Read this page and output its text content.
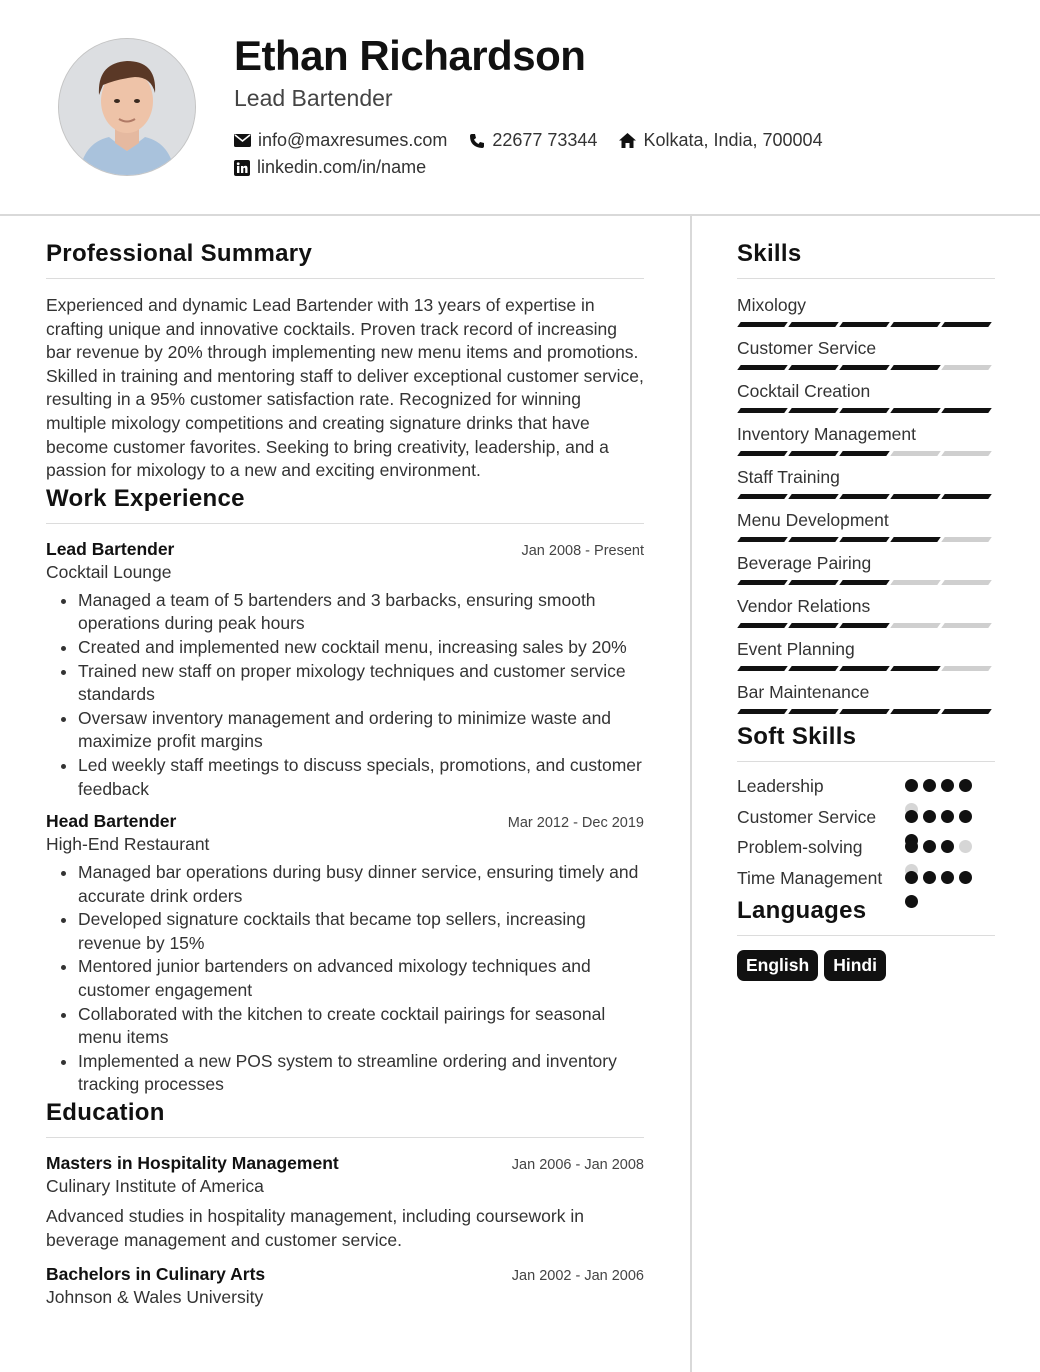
Ethan Richardson
Lead Bartender
info@maxresumes.com	22677 73344	Kolkata, India, 700004
linkedin.com/in/name
Professional Summary
Experienced and dynamic Lead Bartender with 13 years of expertise in crafting unique and innovative cocktails. Proven track record of increasing bar revenue by 20% through implementing new menu items and promotions. Skilled in training and mentoring staff to deliver exceptional customer service, resulting in a 95% customer satisfaction rate. Recognized for winning multiple mixology competitions and creating signature drinks that have become customer favorites. Seeking to bring creativity, leadership, and a passion for mixology to a new and exciting environment.
Work Experience
Lead Bartender	Jan 2008 - Present
Cocktail Lounge
• Managed a team of 5 bartenders and 3 barbacks, ensuring smooth operations during peak hours
• Created and implemented new cocktail menu, increasing sales by 20%
• Trained new staff on proper mixology techniques and customer service standards
• Oversaw inventory management and ordering to minimize waste and maximize profit margins
• Led weekly staff meetings to discuss specials, promotions, and customer feedback
Head Bartender	Mar 2012 - Dec 2019
High-End Restaurant
• Managed bar operations during busy dinner service, ensuring timely and accurate drink orders
• Developed signature cocktails that became top sellers, increasing revenue by 15%
• Mentored junior bartenders on advanced mixology techniques and customer engagement
• Collaborated with the kitchen to create cocktail pairings for seasonal menu items
• Implemented a new POS system to streamline ordering and inventory tracking processes
Education
Masters in Hospitality Management	Jan 2006 - Jan 2008
Culinary Institute of America
Advanced studies in hospitality management, including coursework in beverage management and customer service.
Bachelors in Culinary Arts	Jan 2002 - Jan 2006
Johnson & Wales University
Skills
Mixology
Customer Service
Cocktail Creation
Inventory Management
Staff Training
Menu Development
Beverage Pairing
Vendor Relations
Event Planning
Bar Maintenance
Soft Skills
Leadership
Customer Service
Problem-solving
Time Management
Languages
English	Hindi
